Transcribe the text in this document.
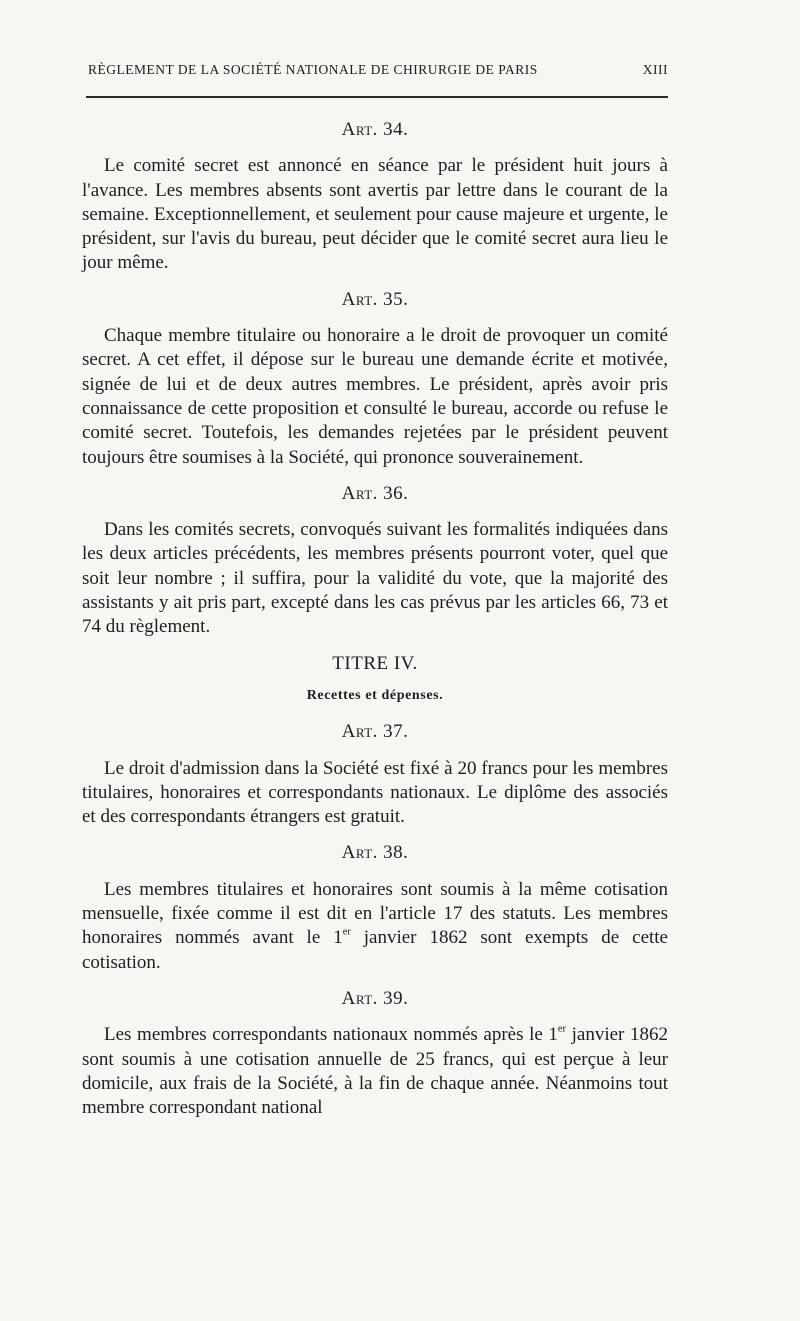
RÈGLEMENT DE LA SOCIÉTÉ NATIONALE DE CHIRURGIE DE PARIS	XIII
Art. 34.

Le comité secret est annoncé en séance par le président huit jours à l'avance. Les membres absents sont avertis par lettre dans le courant de la semaine. Exceptionnellement, et seulement pour cause majeure et urgente, le président, sur l'avis du bureau, peut décider que le comité secret aura lieu le jour même.

Art. 35.

Chaque membre titulaire ou honoraire a le droit de provoquer un comité secret. A cet effet, il dépose sur le bureau une demande écrite et motivée, signée de lui et de deux autres membres. Le président, après avoir pris connaissance de cette proposition et consulté le bureau, accorde ou refuse le comité secret. Toutefois, les demandes rejetées par le président peuvent toujours être soumises à la Société, qui prononce souverainement.

Art. 36.

Dans les comités secrets, convoqués suivant les formalités indiquées dans les deux articles précédents, les membres présents pourront voter, quel que soit leur nombre ; il suffira, pour la validité du vote, que la majorité des assistants y ait pris part, excepté dans les cas prévus par les articles 66, 73 et 74 du règlement.

TITRE IV.
Recettes et dépenses.
Art. 37.

Le droit d'admission dans la Société est fixé à 20 francs pour les membres titulaires, honoraires et correspondants nationaux. Le diplôme des associés et des correspondants étrangers est gratuit.

Art. 38.

Les membres titulaires et honoraires sont soumis à la même cotisation mensuelle, fixée comme il est dit en l'article 17 des statuts. Les membres honoraires nommés avant le 1er janvier 1862 sont exempts de cette cotisation.

Art. 39.

Les membres correspondants nationaux nommés après le 1er janvier 1862 sont soumis à une cotisation annuelle de 25 francs, qui est perçue à leur domicile, aux frais de la Société, à la fin de chaque année. Néanmoins tout membre correspondant national
